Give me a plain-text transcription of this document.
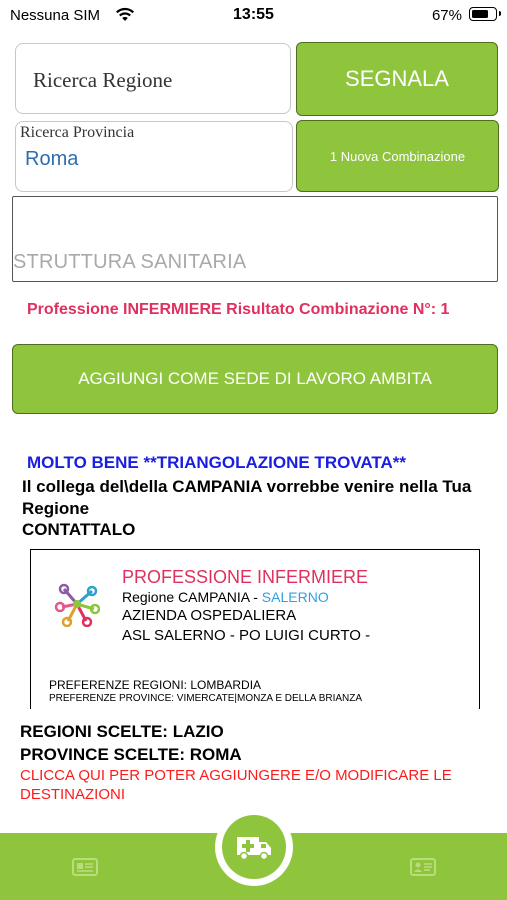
Nessuna SIM	13:55	67%
Ricerca Regione	SEGNALA
Ricerca Provincia
Roma	1 Nuova Combinazione
STRUTTURA SANITARIA
Professione INFERMIERE Risultato Combinazione N°: 1
AGGIUNGI COME SEDE DI LAVORO AMBITA
MOLTO BENE **TRIANGOLAZIONE TROVATA**
Il collega del\della CAMPANIA vorrebbe venire nella Tua Regione
CONTATTALO
PROFESSIONE INFERMIERE
Regione CAMPANIA - SALERNO
AZIENDA OSPEDALIERA
ASL SALERNO - PO LUIGI CURTO -
PREFERENZE REGIONI: LOMBARDIA
PREFERENZE PROVINCE: VIMERCATE|MONZA E DELLA BRIANZA
REGIONI SCELTE: LAZIO
PROVINCE SCELTE: ROMA
CLICCA QUI PER POTER AGGIUNGERE E/O MODIFICARE LE DESTINAZIONI
